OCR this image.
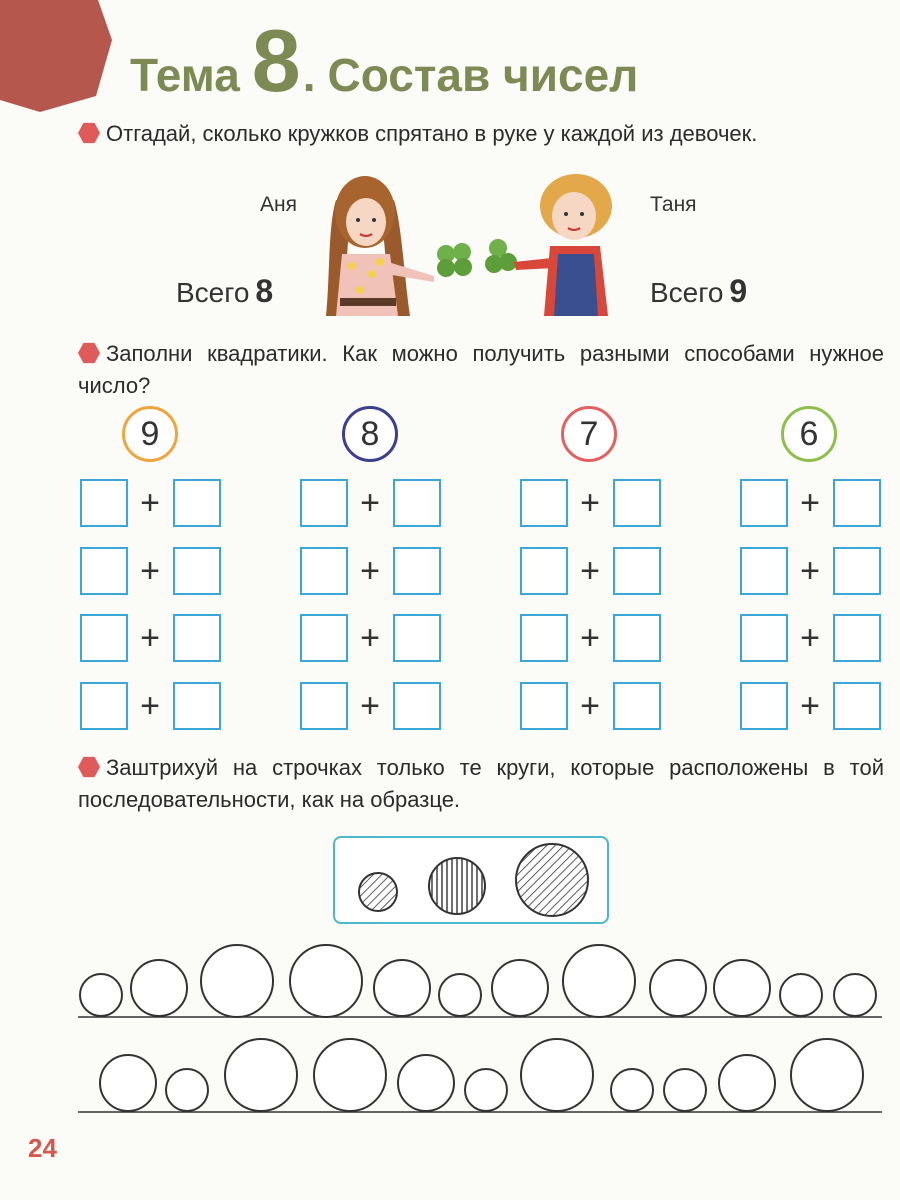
Тема 8 . Состав чисел
Отгадай, сколько кружков спрятано в руке у каждой из девочек.
Аня	Таня
Всего 8	Всего 9
Заполни квадратики. Как можно получить разными способами нужное число?
9
+
+
+
+
8
+
+
+
+
7
+
+
+
+
6
+
+
+
+
Заштрихуй на строчках только те круги, которые расположены в той последовательности, как на образце.
24
